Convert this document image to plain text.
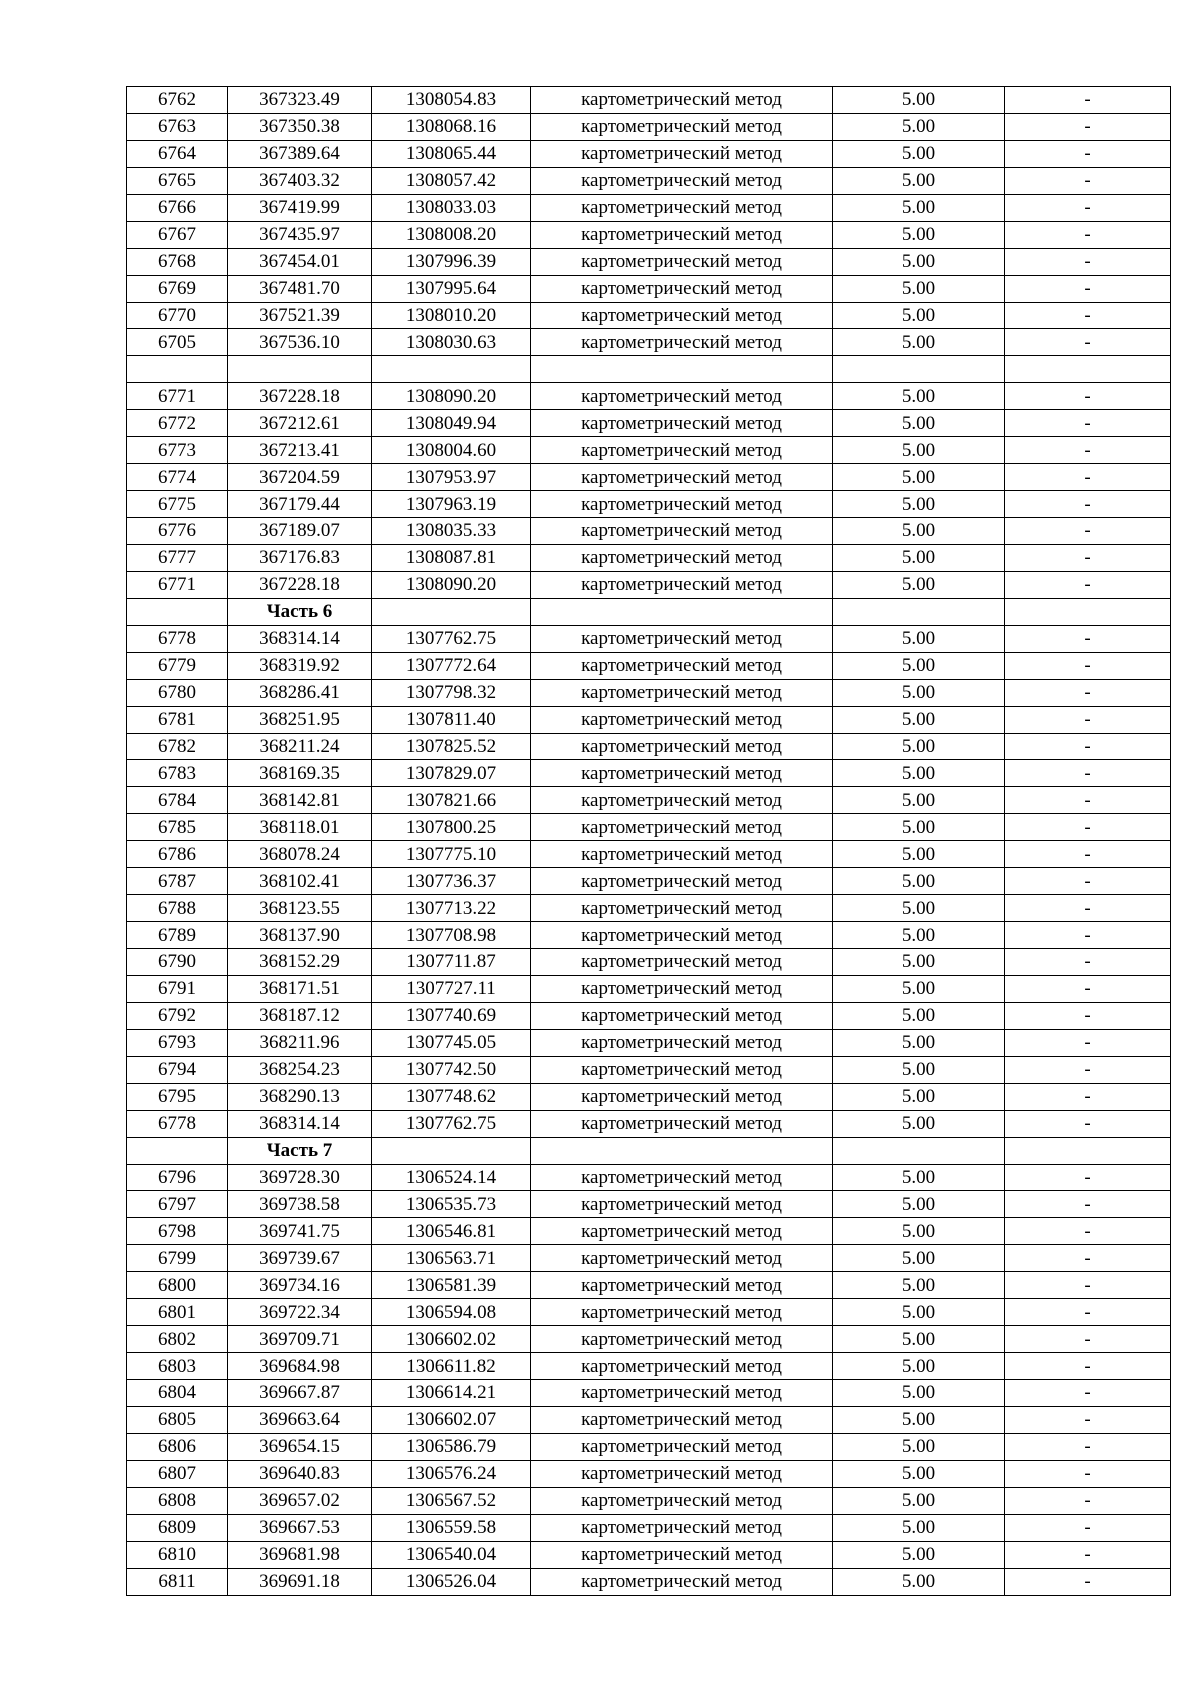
6762	367323.49	1308054.83	картометрический метод	5.00	-
6763	367350.38	1308068.16	картометрический метод	5.00	-
6764	367389.64	1308065.44	картометрический метод	5.00	-
6765	367403.32	1308057.42	картометрический метод	5.00	-
6766	367419.99	1308033.03	картометрический метод	5.00	-
6767	367435.97	1308008.20	картометрический метод	5.00	-
6768	367454.01	1307996.39	картометрический метод	5.00	-
6769	367481.70	1307995.64	картометрический метод	5.00	-
6770	367521.39	1308010.20	картометрический метод	5.00	-
6705	367536.10	1308030.63	картометрический метод	5.00	-

6771	367228.18	1308090.20	картометрический метод	5.00	-
6772	367212.61	1308049.94	картометрический метод	5.00	-
6773	367213.41	1308004.60	картометрический метод	5.00	-
6774	367204.59	1307953.97	картометрический метод	5.00	-
6775	367179.44	1307963.19	картометрический метод	5.00	-
6776	367189.07	1308035.33	картометрический метод	5.00	-
6777	367176.83	1308087.81	картометрический метод	5.00	-
6771	367228.18	1308090.20	картометрический метод	5.00	-
	Часть 6				
6778	368314.14	1307762.75	картометрический метод	5.00	-
6779	368319.92	1307772.64	картометрический метод	5.00	-
6780	368286.41	1307798.32	картометрический метод	5.00	-
6781	368251.95	1307811.40	картометрический метод	5.00	-
6782	368211.24	1307825.52	картометрический метод	5.00	-
6783	368169.35	1307829.07	картометрический метод	5.00	-
6784	368142.81	1307821.66	картометрический метод	5.00	-
6785	368118.01	1307800.25	картометрический метод	5.00	-
6786	368078.24	1307775.10	картометрический метод	5.00	-
6787	368102.41	1307736.37	картометрический метод	5.00	-
6788	368123.55	1307713.22	картометрический метод	5.00	-
6789	368137.90	1307708.98	картометрический метод	5.00	-
6790	368152.29	1307711.87	картометрический метод	5.00	-
6791	368171.51	1307727.11	картометрический метод	5.00	-
6792	368187.12	1307740.69	картометрический метод	5.00	-
6793	368211.96	1307745.05	картометрический метод	5.00	-
6794	368254.23	1307742.50	картометрический метод	5.00	-
6795	368290.13	1307748.62	картометрический метод	5.00	-
6778	368314.14	1307762.75	картометрический метод	5.00	-
	Часть 7				
6796	369728.30	1306524.14	картометрический метод	5.00	-
6797	369738.58	1306535.73	картометрический метод	5.00	-
6798	369741.75	1306546.81	картометрический метод	5.00	-
6799	369739.67	1306563.71	картометрический метод	5.00	-
6800	369734.16	1306581.39	картометрический метод	5.00	-
6801	369722.34	1306594.08	картометрический метод	5.00	-
6802	369709.71	1306602.02	картометрический метод	5.00	-
6803	369684.98	1306611.82	картометрический метод	5.00	-
6804	369667.87	1306614.21	картометрический метод	5.00	-
6805	369663.64	1306602.07	картометрический метод	5.00	-
6806	369654.15	1306586.79	картометрический метод	5.00	-
6807	369640.83	1306576.24	картометрический метод	5.00	-
6808	369657.02	1306567.52	картометрический метод	5.00	-
6809	369667.53	1306559.58	картометрический метод	5.00	-
6810	369681.98	1306540.04	картометрический метод	5.00	-
6811	369691.18	1306526.04	картометрический метод	5.00	-
